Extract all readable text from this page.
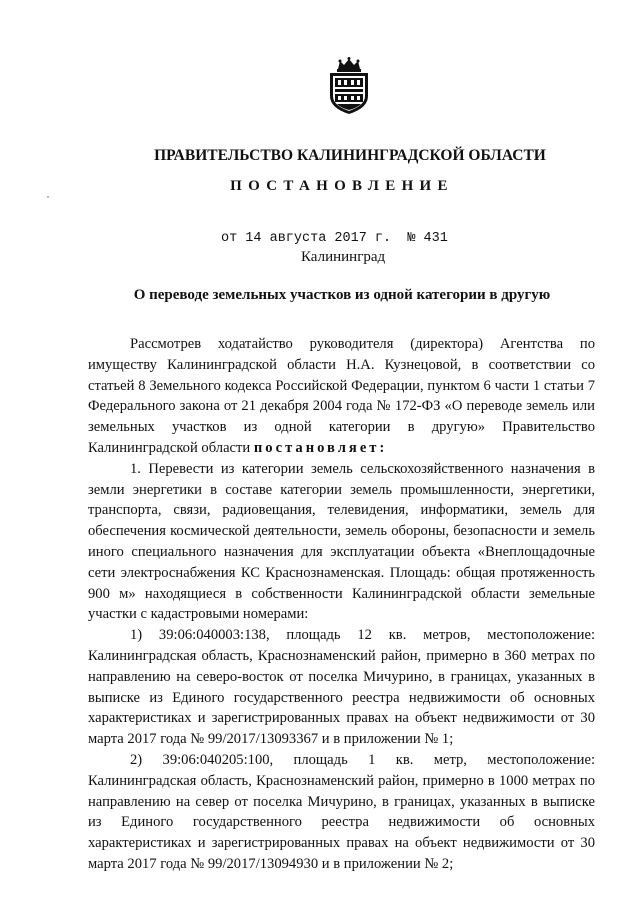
ПРАВИТЕЛЬСТВО КАЛИНИНГРАДСКОЙ ОБЛАСТИ
ПОСТАНОВЛЕНИЕ
от 14 августа 2017 г.  № 431
Калининград
О переводе земельных участков из одной категории в другую

Рассмотрев ходатайство руководителя (директора) Агентства по имуществу Калининградской области Н.А. Кузнецовой, в соответствии со статьей 8 Земельного кодекса Российской Федерации, пунктом 6 части 1 статьи 7 Федерального закона от 21 декабря 2004 года № 172-ФЗ «О переводе земель или земельных участков из одной категории в другую» Правительство Калининградской области постановляет:

1. Перевести из категории земель сельскохозяйственного назначения в земли энергетики в составе категории земель промышленности, энергетики, транспорта, связи, радиовещания, телевидения, информатики, земель для обеспечения космической деятельности, земель обороны, безопасности и земель иного специального назначения для эксплуатации объекта «Внеплощадочные сети электроснабжения КС Краснознаменская. Площадь: общая протяженность 900 м» находящиеся в собственности Калининградской области земельные участки с кадастровыми номерами:

1) 39:06:040003:138, площадь 12 кв. метров, местоположение: Калининградская область, Краснознаменский район, примерно в 360 метрах по направлению на северо-восток от поселка Мичурино, в границах, указанных в выписке из Единого государственного реестра недвижимости об основных характеристиках и зарегистрированных правах на объект недвижимости от 30 марта 2017 года № 99/2017/13093367 и в приложении № 1;

2) 39:06:040205:100, площадь 1 кв. метр, местоположение: Калининградская область, Краснознаменский район, примерно в 1000 метрах по направлению на север от поселка Мичурино, в границах, указанных в выписке из Единого государственного реестра недвижимости об основных характеристиках и зарегистрированных правах на объект недвижимости от 30 марта 2017 года № 99/2017/13094930 и в приложении № 2;
